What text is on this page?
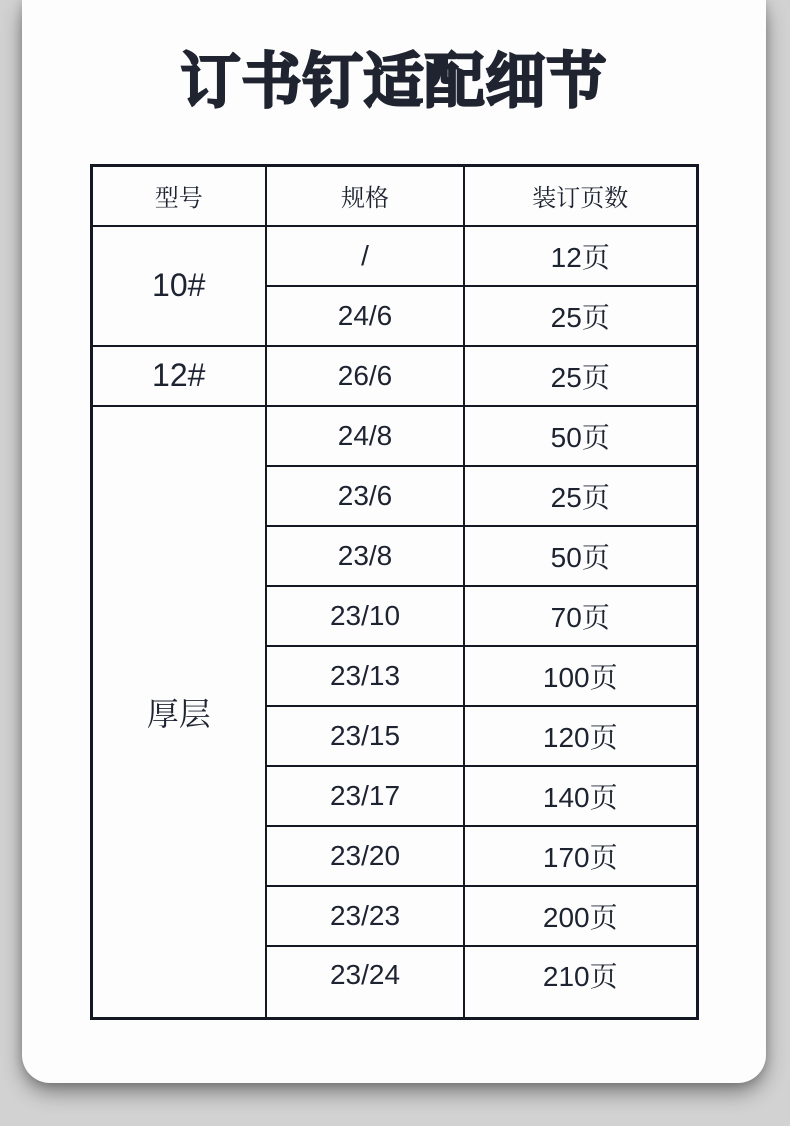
订书钉适配细节
型号	规格	装订页数
10#	/	12页
	24/6	25页
12#	26/6	25页
厚层	24/8	50页
	23/6	25页
	23/8	50页
	23/10	70页
	23/13	100页
	23/15	120页
	23/17	140页
	23/20	170页
	23/23	200页
	23/24	210页
